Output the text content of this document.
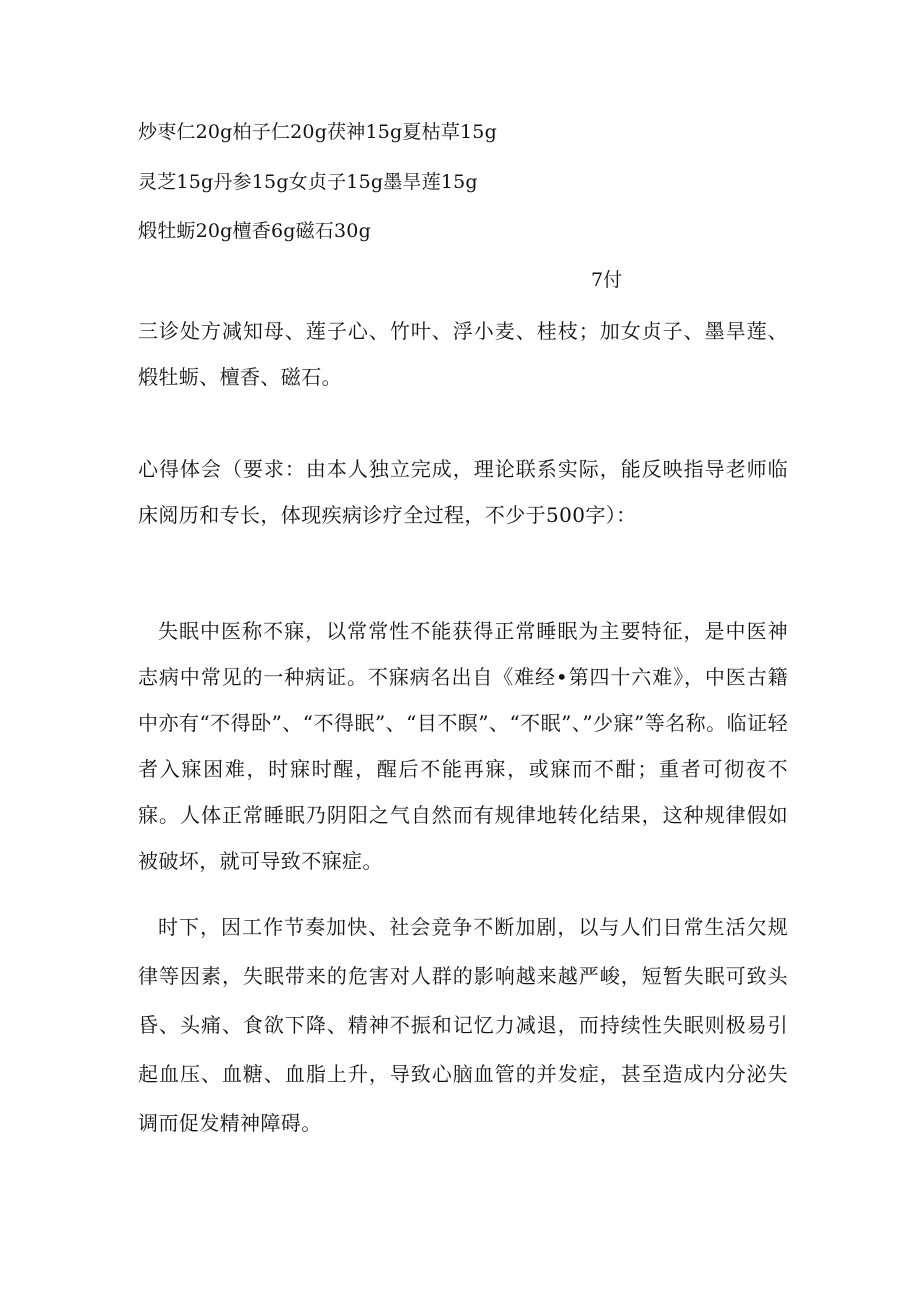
炒枣仁20g柏子仁20g茯神15g夏枯草15g
灵芝15g丹参15g女贞子15g墨旱莲15g
煅牡蛎20g檀香6g磁石30g
7付
三诊处方减知母、莲子心、竹叶、浮小麦、桂枝；加女贞子、墨旱莲、煅牡蛎、檀香、磁石。
心得体会（要求：由本人独立完成，理论联系实际，能反映指导老师临床阅历和专长，体现疾病诊疗全过程，不少于500字）：
失眠中医称不寐，以常常性不能获得正常睡眠为主要特征，是中医神志病中常见的一种病证。不寐病名出自《难经•第四十六难》，中医古籍中亦有“不得卧”、“不得眠”、“目不瞑”、“不眠”、”少寐”等名称。临证轻者入寐困难，时寐时醒，醒后不能再寐，或寐而不酣；重者可彻夜不寐。人体正常睡眠乃阴阳之气自然而有规律地转化结果，这种规律假如被破坏，就可导致不寐症。
时下，因工作节奏加快、社会竞争不断加剧，以与人们日常生活欠规律等因素，失眠带来的危害对人群的影响越来越严峻，短暂失眠可致头昏、头痛、食欲下降、精神不振和记忆力减退，而持续性失眠则极易引起血压、血糖、血脂上升，导致心脑血管的并发症，甚至造成内分泌失调而促发精神障碍。
